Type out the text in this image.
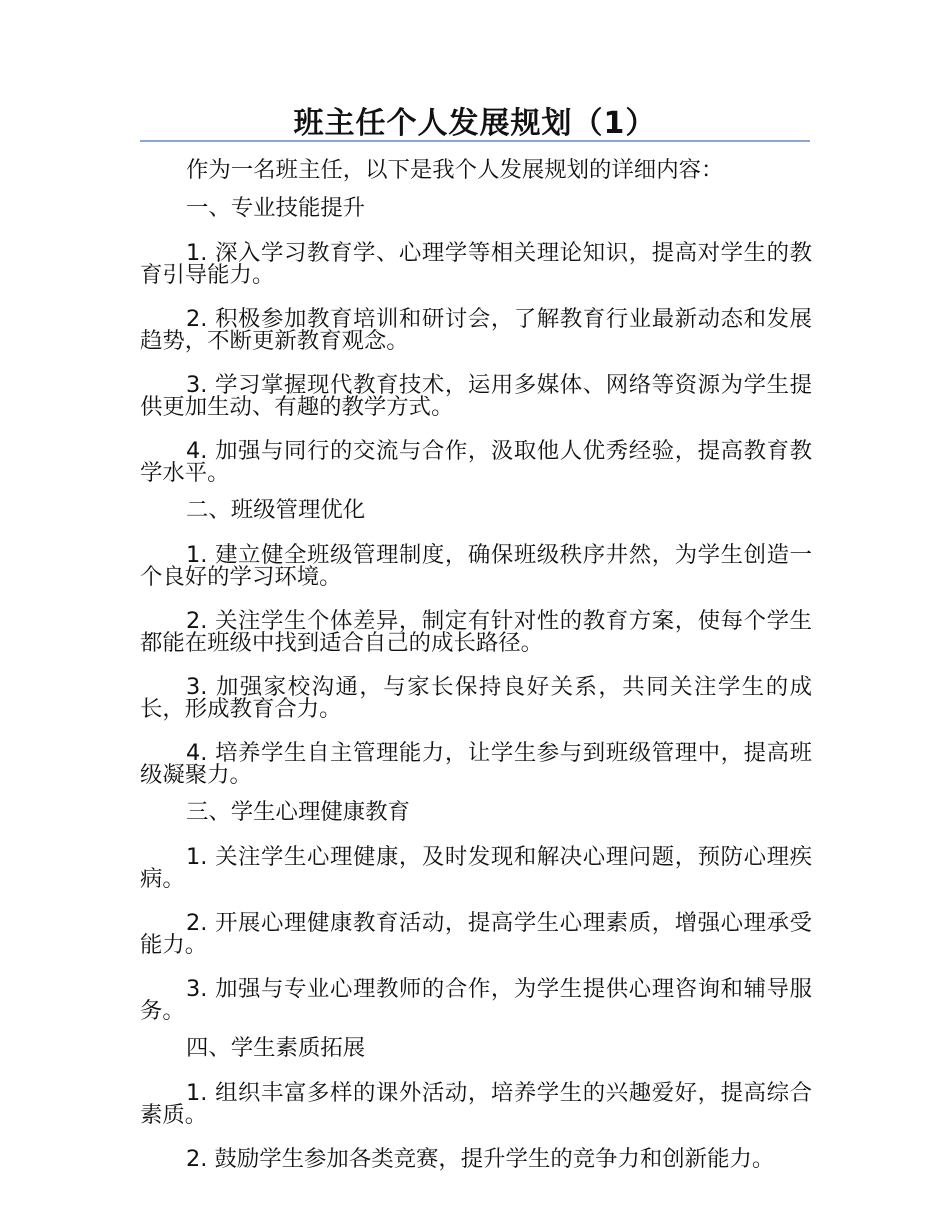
班主任个人发展规划（1）

作为一名班主任，以下是我个人发展规划的详细内容：

一、专业技能提升

1. 深入学习教育学、心理学等相关理论知识，提高对学生的教育引导能力。

2. 积极参加教育培训和研讨会，了解教育行业最新动态和发展趋势，不断更新教育观念。

3. 学习掌握现代教育技术，运用多媒体、网络等资源为学生提供更加生动、有趣的教学方式。

4. 加强与同行的交流与合作，汲取他人优秀经验，提高教育教学水平。

二、班级管理优化

1. 建立健全班级管理制度，确保班级秩序井然，为学生创造一个良好的学习环境。

2. 关注学生个体差异，制定有针对性的教育方案，使每个学生都能在班级中找到适合自己的成长路径。

3. 加强家校沟通，与家长保持良好关系，共同关注学生的成长，形成教育合力。

4. 培养学生自主管理能力，让学生参与到班级管理中，提高班级凝聚力。

三、学生心理健康教育

1. 关注学生心理健康，及时发现和解决心理问题，预防心理疾病。

2. 开展心理健康教育活动，提高学生心理素质，增强心理承受能力。

3. 加强与专业心理教师的合作，为学生提供心理咨询和辅导服务。

四、学生素质拓展

1. 组织丰富多样的课外活动，培养学生的兴趣爱好，提高综合素质。

2. 鼓励学生参加各类竞赛，提升学生的竞争力和创新能力。
